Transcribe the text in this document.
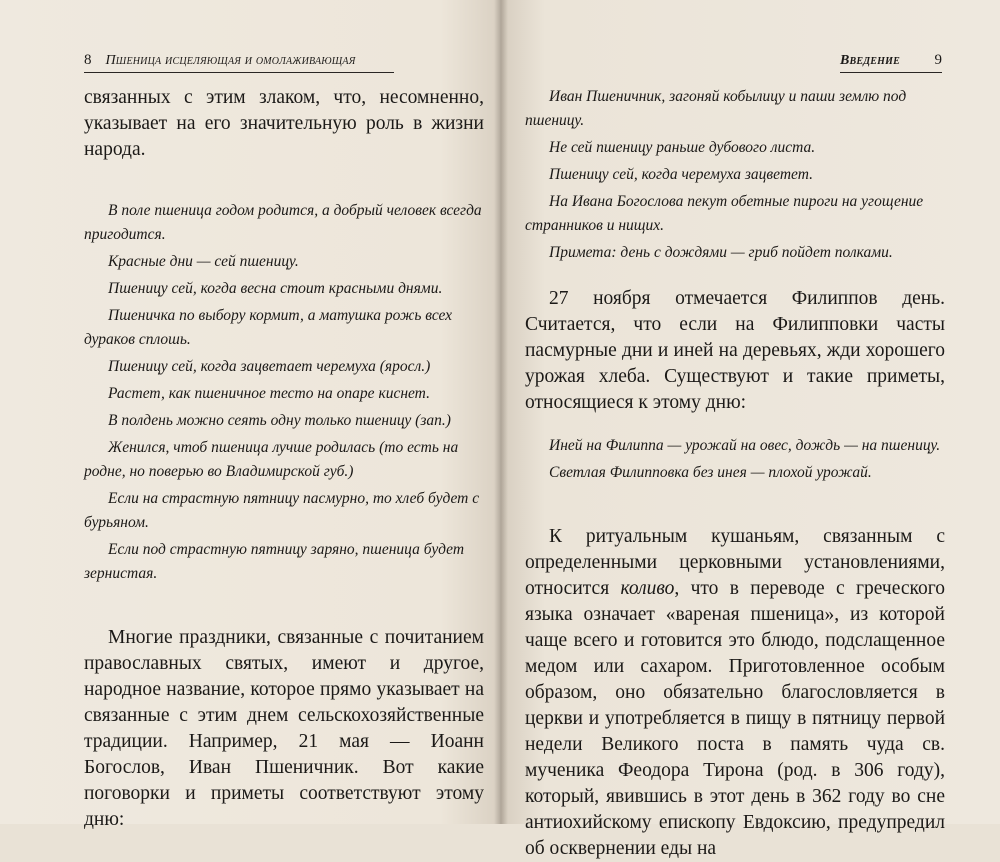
8 Пшеница исцеляющая и омолаживающая

связанных с этим злаком, что, несомненно, указывает на его значительную роль в жизни народа.

В поле пшеница годом родится, а добрый человек всегда пригодится.

Красные дни — сей пшеницу.

Пшеницу сей, когда весна стоит красными днями.

Пшеничка по выбору кормит, а матушка рожь всех дураков сплошь.

Пшеницу сей, когда зацветает черемуха (яросл.)

Растет, как пшеничное тесто на опаре киснет.

В полдень можно сеять одну только пшеницу (зап.)

Женился, чтоб пшеница лучше родилась (то есть на родне, но поверью во Владимирской губ.)

Если на страстную пятницу пасмурно, то хлеб будет с бурьяном.

Если под страстную пятницу заряно, пшеница будет зернистая.

Многие праздники, связанные с почитанием православных святых, имеют и другое, народное название, которое прямо указывает на связанные с этим днем сельскохозяйственные традиции. Например, 21 мая — Иоанн Богослов, Иван Пшеничник. Вот какие поговорки и приметы соответствуют этому дню:

Введение 9

Иван Пшеничник, загоняй кобылицу и паши землю под пшеницу.

Не сей пшеницу раньше дубового листа.

Пшеницу сей, когда черемуха зацветет.

На Ивана Богослова пекут обетные пироги на угощение странников и нищих.

Примета: день с дождями — гриб пойдет полками.

27 ноября отмечается Филиппов день. Считается, что если на Филипповки часты пасмурные дни и иней на деревьях, жди хорошего урожая хлеба. Существуют и такие приметы, относящиеся к этому дню:

Иней на Филиппа — урожай на овес, дождь — на пшеницу.

Светлая Филипповка без инея — плохой урожай.

К ритуальным кушаньям, связанным с определенными церковными установлениями, относится коливо, что в переводе с греческого языка означает «вареная пшеница», из которой чаще всего и готовится это блюдо, подслащенное медом или сахаром. Приготовленное особым образом, оно обязательно благословляется в церкви и употребляется в пищу в пятницу первой недели Великого поста в память чуда св. мученика Феодора Тирона (род. в 306 году), который, явившись в этот день в 362 году во сне антиохийскому епископу Евдоксию, предупредил об осквернении еды на
